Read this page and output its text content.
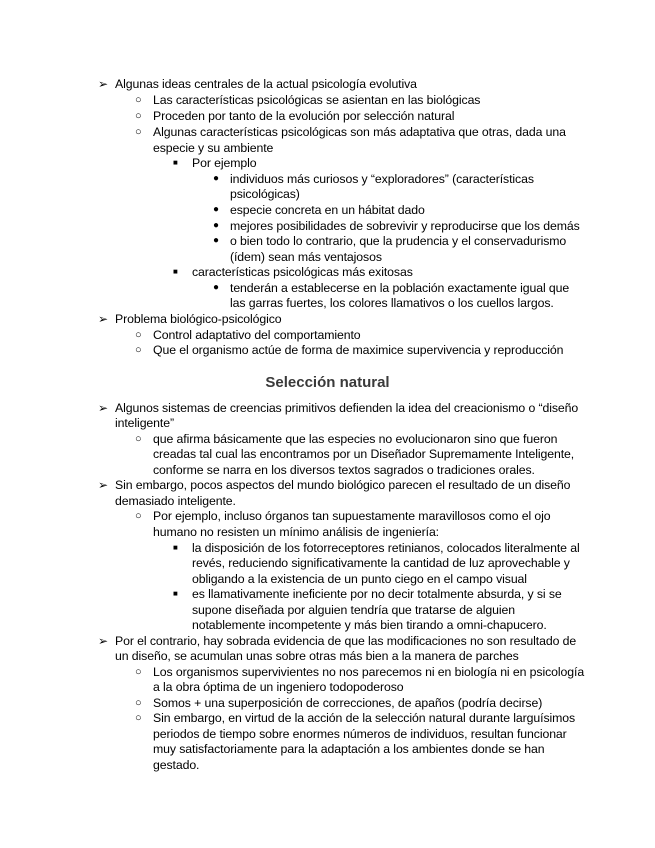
➢ Algunas ideas centrales de la actual psicología evolutiva
○ Las características psicológicas se asientan en las biológicas
○ Proceden por tanto de la evolución por selección natural
○ Algunas características psicológicas son más adaptativa que otras, dada una
especie y su ambiente
■ Por ejemplo
● individuos más curiosos y “exploradores” (características
psicológicas)
● especie concreta en un hábitat dado
● mejores posibilidades de sobrevivir y reproducirse que los demás
● o bien todo lo contrario, que la prudencia y el conservadurismo
(ídem) sean más ventajosos
■ características psicológicas más exitosas
● tenderán a establecerse en la población exactamente igual que
las garras fuertes, los colores llamativos o los cuellos largos.
➢ Problema biológico-psicológico
○ Control adaptativo del comportamiento
○ Que el organismo actúe de forma de maximice supervivencia y reproducción
Selección natural
➢ Algunos sistemas de creencias primitivos defienden la idea del creacionismo o “diseño
inteligente”
○ que afirma básicamente que las especies no evolucionaron sino que fueron
creadas tal cual las encontramos por un Diseñador Supremamente Inteligente,
conforme se narra en los diversos textos sagrados o tradiciones orales.
➢ Sin embargo, pocos aspectos del mundo biológico parecen el resultado de un diseño
demasiado inteligente.
○ Por ejemplo, incluso órganos tan supuestamente maravillosos como el ojo
humano no resisten un mínimo análisis de ingeniería:
■ la disposición de los fotorreceptores retinianos, colocados literalmente al
revés, reduciendo significativamente la cantidad de luz aprovechable y
obligando a la existencia de un punto ciego en el campo visual
■ es llamativamente ineficiente por no decir totalmente absurda, y si se
supone diseñada por alguien tendría que tratarse de alguien
notablemente incompetente y más bien tirando a omni-chapucero.
➢ Por el contrario, hay sobrada evidencia de que las modificaciones no son resultado de
un diseño, se acumulan unas sobre otras más bien a la manera de parches
○ Los organismos supervivientes no nos parecemos ni en biología ni en psicología
a la obra óptima de un ingeniero todopoderoso
○ Somos + una superposición de correcciones, de apaños (podría decirse)
○ Sin embargo, en virtud de la acción de la selección natural durante larguísimos
periodos de tiempo sobre enormes números de individuos, resultan funcionar
muy satisfactoriamente para la adaptación a los ambientes donde se han
gestado.
